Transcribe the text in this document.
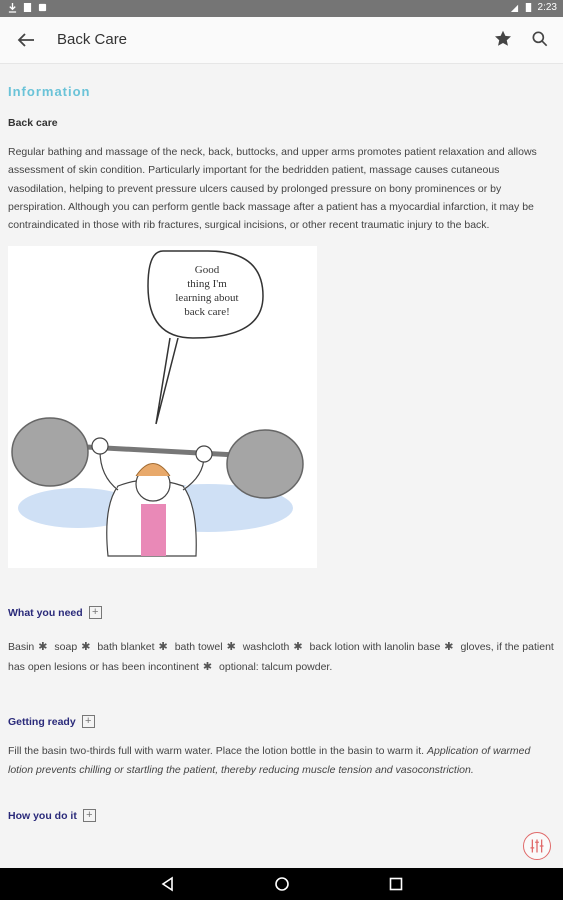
2:23
Back Care
Information
Back care

Regular bathing and massage of the neck, back, buttocks, and upper arms promotes patient relaxation and allows assessment of skin condition. Particularly important for the bedridden patient, massage causes cutaneous vasodilation, helping to prevent pressure ulcers caused by prolonged pressure on bony prominences or by perspiration. Although you can perform gentle back massage after a patient has a myocardial infarction, it may be contraindicated in those with rib fractures, surgical incisions, or other recent traumatic injury to the back.

Good
thing I'm
learning about
back care!
What you need +
Basin ✱ soap ✱ bath blanket ✱ bath towel ✱ washcloth ✱ back lotion with lanolin base ✱ gloves, if the patient has open lesions or has been incontinent ✱ optional: talcum powder.
Getting ready +

Fill the basin two-thirds full with warm water. Place the lotion bottle in the basin to warm it. Application of warmed lotion prevents chilling or startling the patient, thereby reducing muscle tension and vasoconstriction.

How you do it +
